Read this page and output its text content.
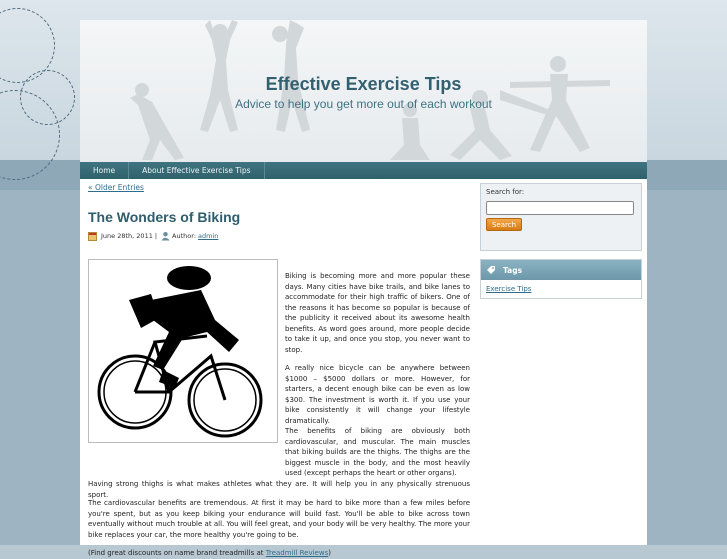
Effective Exercise Tips
Advice to help you get more out of each workout
Home	About Effective Exercise Tips
« Older Entries
The Wonders of Biking
June 28th, 2011 | Author: admin
Biking is becoming more and more popular these days. Many cities have bike trails, and bike lanes to accommodate for their high traffic of bikers. One of the reasons it has become so popular is because of the publicity it received about its awesome health benefits. As word goes around, more people decide to take it up, and once you stop, you never want to stop.
A really nice bicycle can be anywhere between $1000 – $5000 dollars or more. However, for starters, a decent enough bike can be even as low $300. The investment is worth it. If you use your bike consistently it will change your lifestyle dramatically.
The benefits of biking are obviously both cardiovascular, and muscular. The main muscles that biking builds are the thighs. The thighs are the biggest muscle in the body, and the most heavily used (except perhaps the heart or other organs).
Having strong thighs is what makes athletes what they are. It will help you in any physically strenuous sport.
The cardiovascular benefits are tremendous. At first it may be hard to bike more than a few miles before you're spent, but as you keep biking your endurance will build fast. You'll be able to bike across town eventually without much trouble at all. You will feel great, and your body will be very healthy. The more your bike replaces your car, the more healthy you're going to be.
(Find great discounts on name brand treadmills at Treadmill Reviews)
Search for:
Search
Tags
Exercise Tips
